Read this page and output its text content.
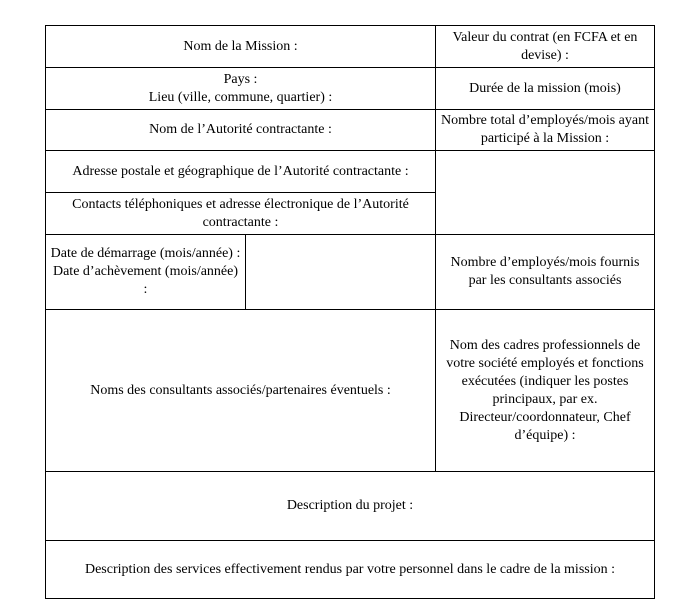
Nom de la Mission :		Valeur du contrat (en FCFA et en devise) :

Pays :
Lieu (ville, commune, quartier) :		Durée de la mission (mois)
Nom de l’Autorité contractante :		Nombre total d’employés/mois ayant participé à la Mission :
Adresse postale et géographique de l’Autorité contractante :		
Contacts téléphoniques et adresse électronique de l’Autorité contractante :		

Date de démarrage (mois/année) :
Date d’achèvement (mois/année) :		Nombre d’employés/mois fournis par les consultants associés
Noms des consultants associés/partenaires éventuels :		Nom des cadres professionnels de votre société employés et fonctions exécutées (indiquer les postes principaux, par ex. Directeur/coordonnateur, Chef d’équipe) :
Description du projet :		
Description des services effectivement rendus par votre personnel dans le cadre de la mission :		
